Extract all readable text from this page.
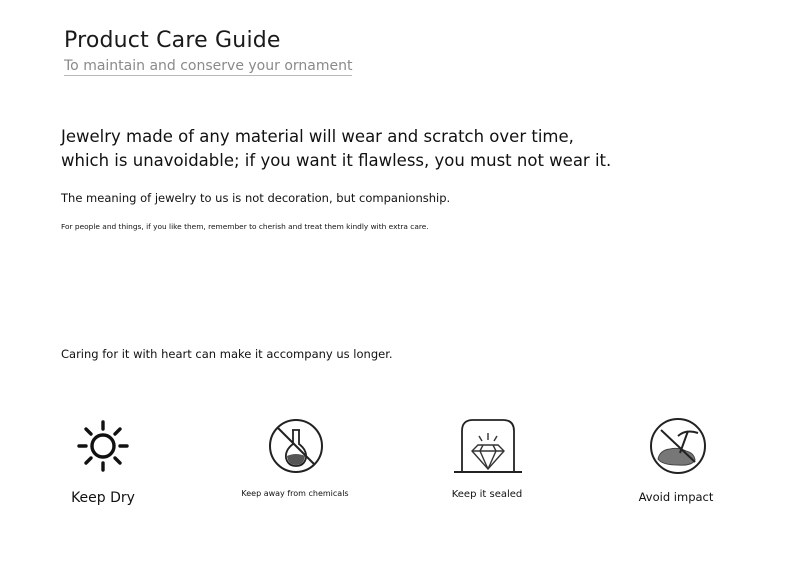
Product Care Guide
To maintain and conserve your ornament
Jewelry made of any material will wear and scratch over time, which is unavoidable; if you want it flawless, you must not wear it.
The meaning of jewelry to us is not decoration, but companionship.
For people and things, if you like them, remember to cherish and treat them kindly with extra care.
Caring for it with heart can make it accompany us longer.
Keep Dry	Keep away from chemicals	Keep it sealed	Avoid impact
